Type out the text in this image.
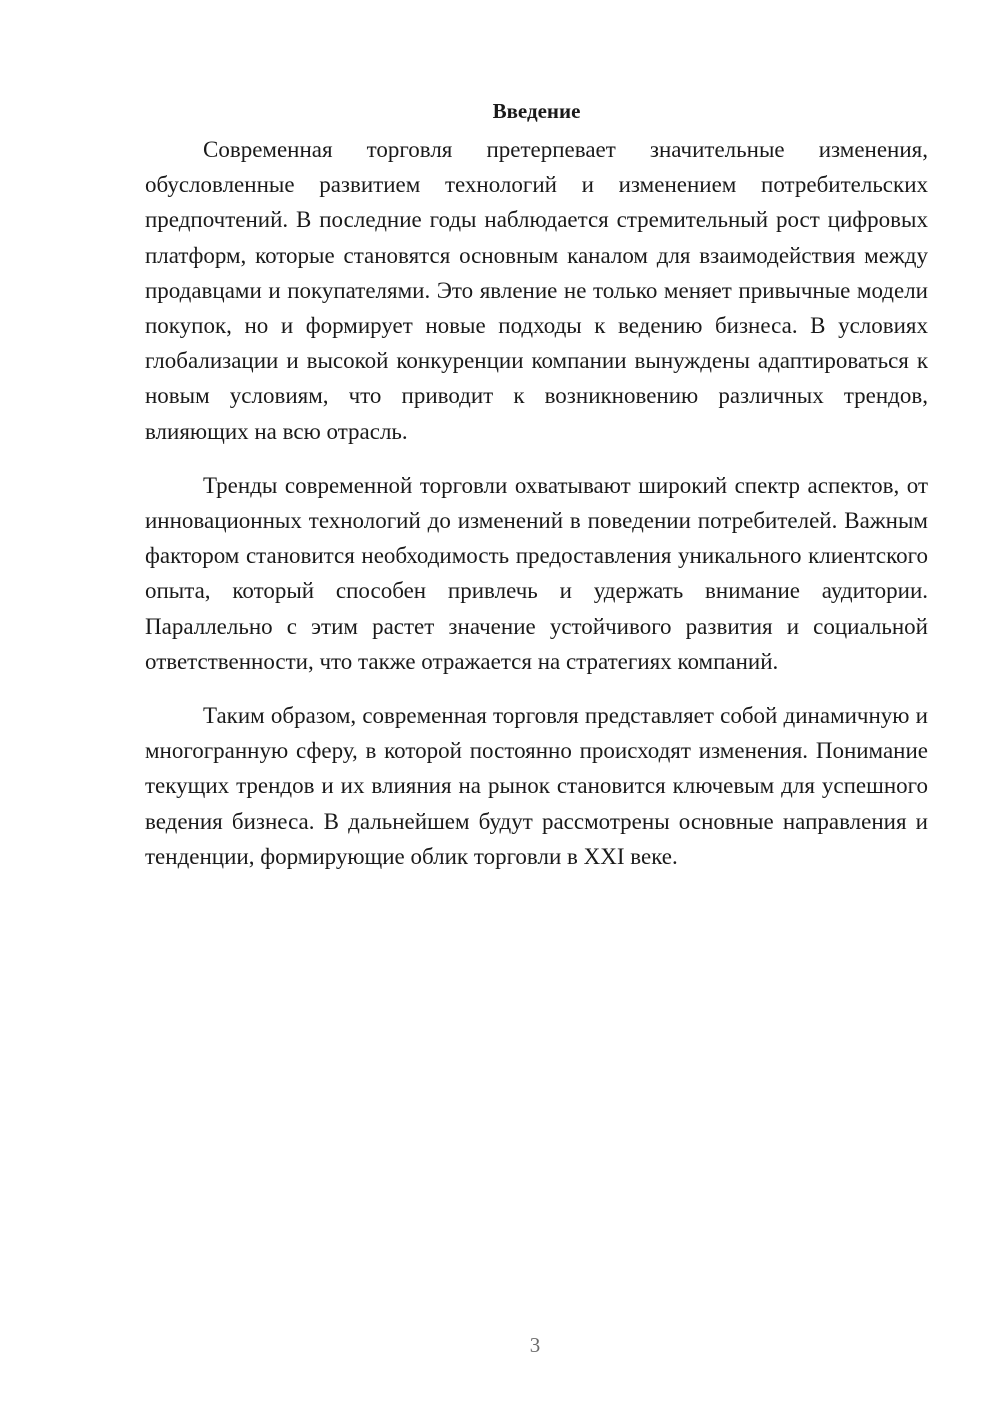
Введение

Современная торговля претерпевает значительные изменения, обусловленные развитием технологий и изменением потребительских предпочтений. В последние годы наблюдается стремительный рост цифровых платформ, которые становятся основным каналом для взаимодействия между продавцами и покупателями. Это явление не только меняет привычные модели покупок, но и формирует новые подходы к ведению бизнеса. В условиях глобализации и высокой конкуренции компании вынуждены адаптироваться к новым условиям, что приводит к возникновению различных трендов, влияющих на всю отрасль.

Тренды современной торговли охватывают широкий спектр аспектов, от инновационных технологий до изменений в поведении потребителей. Важным фактором становится необходимость предоставления уникального клиентского опыта, который способен привлечь и удержать внимание аудитории. Параллельно с этим растет значение устойчивого развития и социальной ответственности, что также отражается на стратегиях компаний.

Таким образом, современная торговля представляет собой динамичную и многогранную сферу, в которой постоянно происходят изменения. Понимание текущих трендов и их влияния на рынок становится ключевым для успешного ведения бизнеса. В дальнейшем будут рассмотрены основные направления и тенденции, формирующие облик торговли в XXI веке.

3
